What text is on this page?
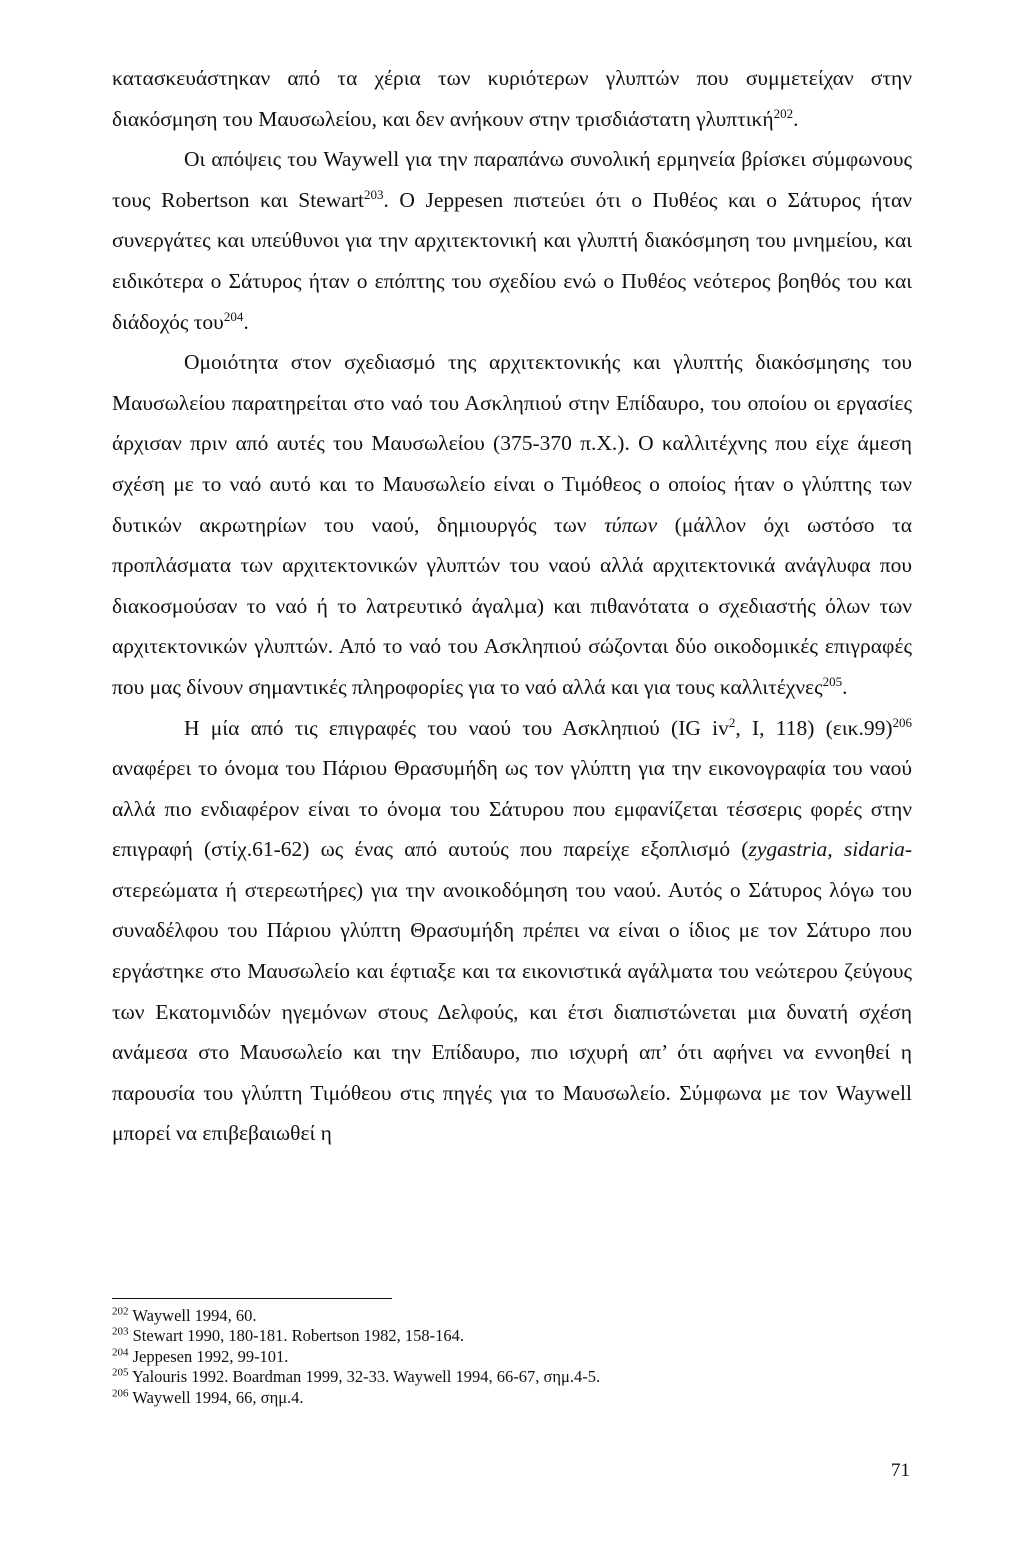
κατασκευάστηκαν από τα χέρια των κυριότερων γλυπτών που συμμετείχαν στην διακόσμηση του Μαυσωλείου, και δεν ανήκουν στην τρισδιάστατη γλυπτική$^{202}$.

Οι απόψεις του Waywell για την παραπάνω συνολική ερμηνεία βρίσκει σύμφωνους τους Robertson και Stewart$^{203}$. Ο Jeppesen πιστεύει ότι ο Πυθέος και ο Σάτυρος ήταν συνεργάτες και υπεύθυνοι για την αρχιτεκτονική και γλυπτή διακόσμηση του μνημείου, και ειδικότερα ο Σάτυρος ήταν ο επόπτης του σχεδίου ενώ ο Πυθέος νεότερος βοηθός του και διάδοχός του$^{204}$.

Ομοιότητα στον σχεδιασμό της αρχιτεκτονικής και γλυπτής διακόσμησης του Μαυσωλείου παρατηρείται στο ναό του Ασκληπιού στην Επίδαυρο, του οποίου οι εργασίες άρχισαν πριν από αυτές του Μαυσωλείου (375-370 π.Χ.). Ο καλλιτέχνης που είχε άμεση σχέση με το ναό αυτό και το Μαυσωλείο είναι ο Τιμόθεος ο οποίος ήταν ο γλύπτης των δυτικών ακρωτηρίων του ναού, δημιουργός των τύπων (μάλλον όχι ωστόσο τα προπλάσματα των αρχιτεκτονικών γλυπτών του ναού αλλά αρχιτεκτονικά ανάγλυφα που διακοσμούσαν το ναό ή το λατρευτικό άγαλμα) και πιθανότατα ο σχεδιαστής όλων των αρχιτεκτονικών γλυπτών. Από το ναό του Ασκληπιού σώζονται δύο οικοδομικές επιγραφές που μας δίνουν σημαντικές πληροφορίες για το ναό αλλά και για τους καλλιτέχνες$^{205}$.

Η μία από τις επιγραφές του ναού του Ασκληπιού (IG $iv^2$, I, 118) $(\varepsilon\iota\kappa.99)^{206}$ αναφέρει το όνομα του Πάριου Θρασυμήδη ως τον γλύπτη για την εικονογραφία του ναού αλλά πιο ενδιαφέρον είναι το όνομα του Σάτυρου που εμφανίζεται τέσσερις φορές στην επιγραφή (στίχ.61-62) ως ένας από αυτούς που παρείχε εξοπλισμό (zygastria, sidaria-στερεώματα ή στερεωτήρες) για την ανοικοδόμηση του ναού. Αυτός ο Σάτυρος λόγω του συναδέλφου του Πάριου γλύπτη Θρασυμήδη πρέπει να είναι ο ίδιος με τον Σάτυρο που εργάστηκε στο Μαυσωλείο και έφτιαξε και τα εικονιστικά αγάλματα του νεώτερου ζεύγους των Εκατομνιδών ηγεμόνων στους Δελφούς, και έτσι διαπιστώνεται μια δυνατή σχέση ανάμεσα στο Μαυσωλείο και την Επίδαυρο, πιο ισχυρή απ’ ότι αφήνει να εννοηθεί η παρουσία του γλύπτη Τιμόθεου στις πηγές για το Μαυσωλείο. Σύμφωνα με τον Waywell μπορεί να επιβεβαιωθεί η

$^{202}$ Waywell 1994, 60.
$^{203}$ Stewart 1990, 180-181. Robertson 1982, 158-164.
$^{204}$ Jeppesen 1992, 99-101.
$^{205}$ Yalouris 1992. Boardman 1999, 32-33. Waywell 1994, 66-67, σημ.4-5.
$^{206}$ Waywell 1994, 66, σημ.4.
71
